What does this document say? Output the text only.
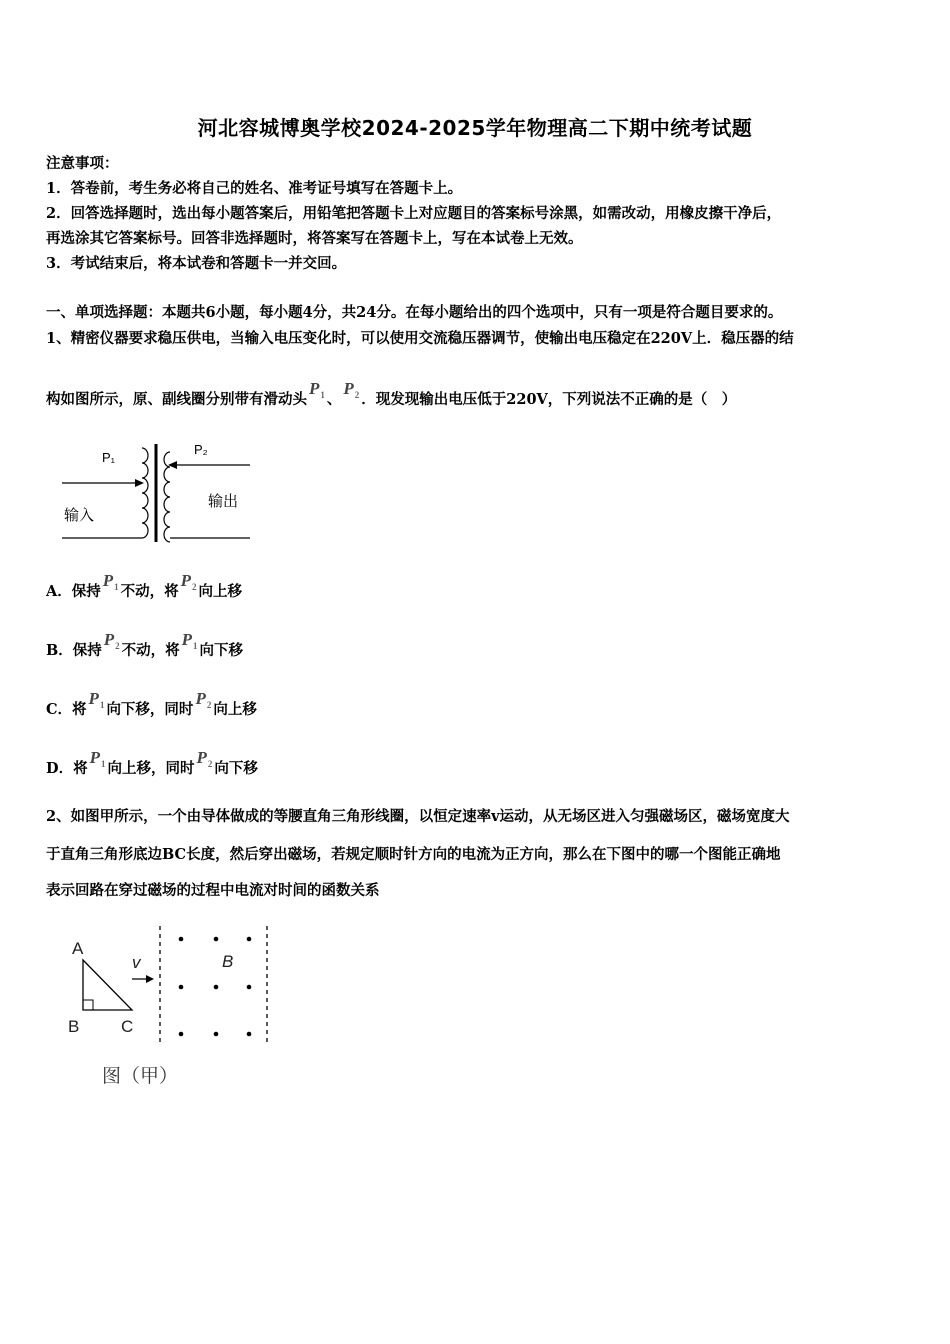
河北容城博奥学校2024-2025学年物理高二下期中统考试题
注意事项：
1．答卷前，考生务必将自己的姓名、准考证号填写在答题卡上。
2．回答选择题时，选出每小题答案后，用铅笔把答题卡上对应题目的答案标号涂黑，如需改动，用橡皮擦干净后，
再选涂其它答案标号。回答非选择题时，将答案写在答题卡上，写在本试卷上无效。
3．考试结束后，将本试卷和答题卡一并交回。
一、单项选择题：本题共6小题，每小题4分，共24分。在每小题给出的四个选项中，只有一项是符合题目要求的。
1、精密仪器要求稳压供电，当输入电压变化时，可以使用交流稳压器调节，使输出电压稳定在220V上．稳压器的结
构如图所示，原、副线圈分别带有滑动头$P_1$ 、$P_2$ ．现发现输出电压低于220V，下列说法不正确的是（　）
P₁
P₂
输入
输出
A．保持$P_1$ 不动，将$P_2$ 向上移
B．保持$P_2$ 不动，将$P_1$ 向下移
C．将$P_1$ 向下移，同时$P_2$ 向上移
D．将$P_1$ 向上移，同时$P_2$ 向下移
2、如图甲所示，一个由导体做成的等腰直角三角形线圈，以恒定速率v运动，从无场区进入匀强磁场区，磁场宽度大
于直角三角形底边BC长度，然后穿出磁场，若规定顺时针方向的电流为正方向，那么在下图中的哪一个图能正确地
表示回路在穿过磁场的过程中电流对时间的函数关系
A
B C
v	B
图（甲）
